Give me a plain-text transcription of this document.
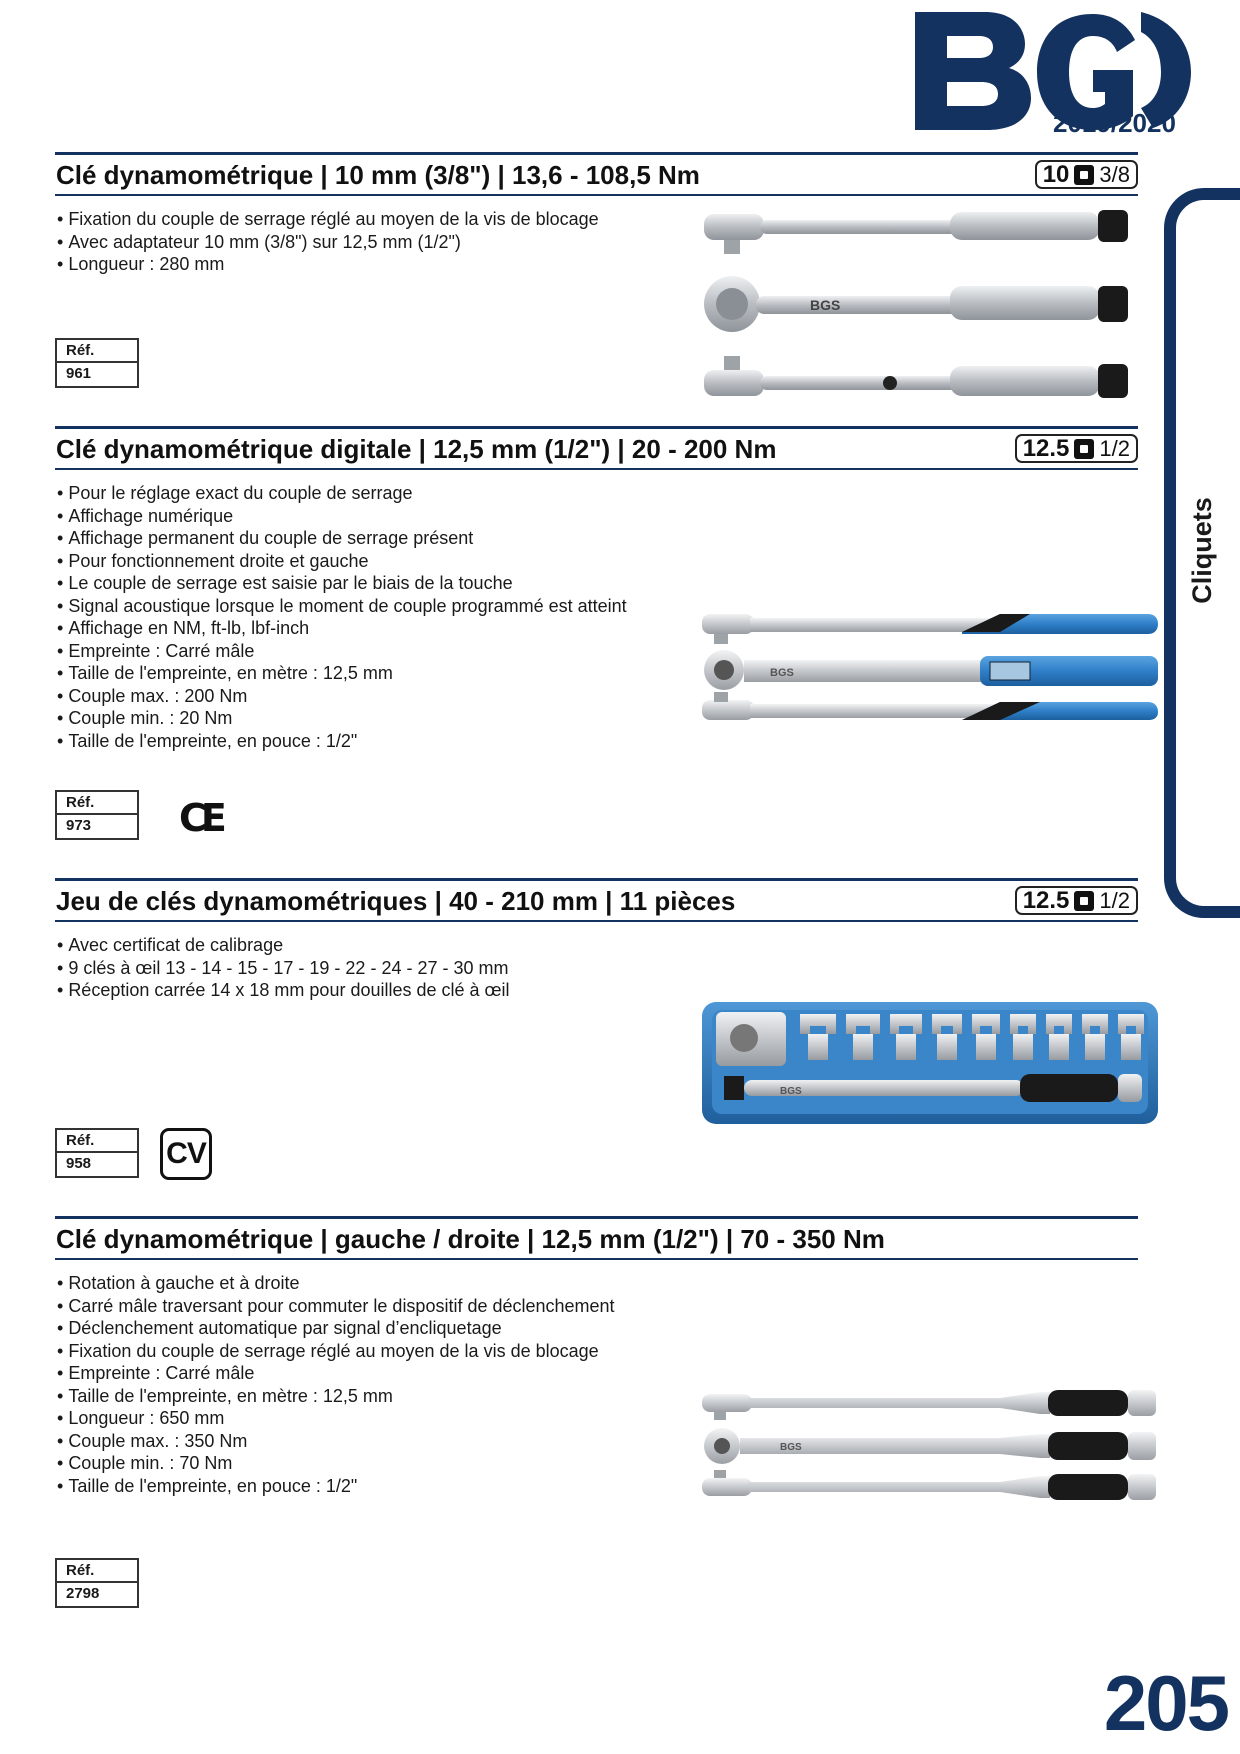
2019/2020
Cliquets
Clé dynamométrique | 10 mm (3/8") | 13,6 - 108,5 Nm	10 3/8
• Fixation du couple de serrage réglé au moyen de la vis de blocage
• Avec adaptateur 10 mm (3/8") sur 12,5 mm (1/2")
• Longueur : 280 mm
Réf.
961
BGS
Clé dynamométrique digitale | 12,5 mm (1/2") | 20 - 200 Nm	12.5 1/2
• Pour le réglage exact du couple de serrage
• Affichage numérique
• Affichage permanent du couple de serrage présent
• Pour fonctionnement droite et gauche
• Le couple de serrage est saisie par le biais de la touche
• Signal acoustique lorsque le moment de couple programmé est atteint
• Affichage en NM, ft-lb, lbf-inch
• Empreinte : Carré mâle
• Taille de l'empreinte, en mètre : 12,5 mm
• Couple max. : 200 Nm
• Couple min. : 20 Nm
• Taille de l'empreinte, en pouce : 1/2"
Réf.
973	CE
BGS
Jeu de clés dynamométriques | 40 - 210 mm | 11 pièces	12.5 1/2
• Avec certificat de calibrage
• 9 clés à œil 13 - 14 - 15 - 17 - 19 - 22 - 24 - 27 - 30 mm
• Réception carrée 14 x 18 mm pour douilles de clé à œil
Réf.
958	CV
BGS
Clé dynamométrique | gauche / droite | 12,5 mm (1/2") | 70 - 350 Nm
• Rotation à gauche et à droite
• Carré mâle traversant pour commuter le dispositif de déclenchement
• Déclenchement automatique par signal d’encliquetage
• Fixation du couple de serrage réglé au moyen de la vis de blocage
• Empreinte : Carré mâle
• Taille de l'empreinte, en mètre : 12,5 mm
• Longueur : 650 mm
• Couple max. : 350 Nm
• Couple min. : 70 Nm
• Taille de l'empreinte, en pouce : 1/2"
Réf.
2798
BGS
205
